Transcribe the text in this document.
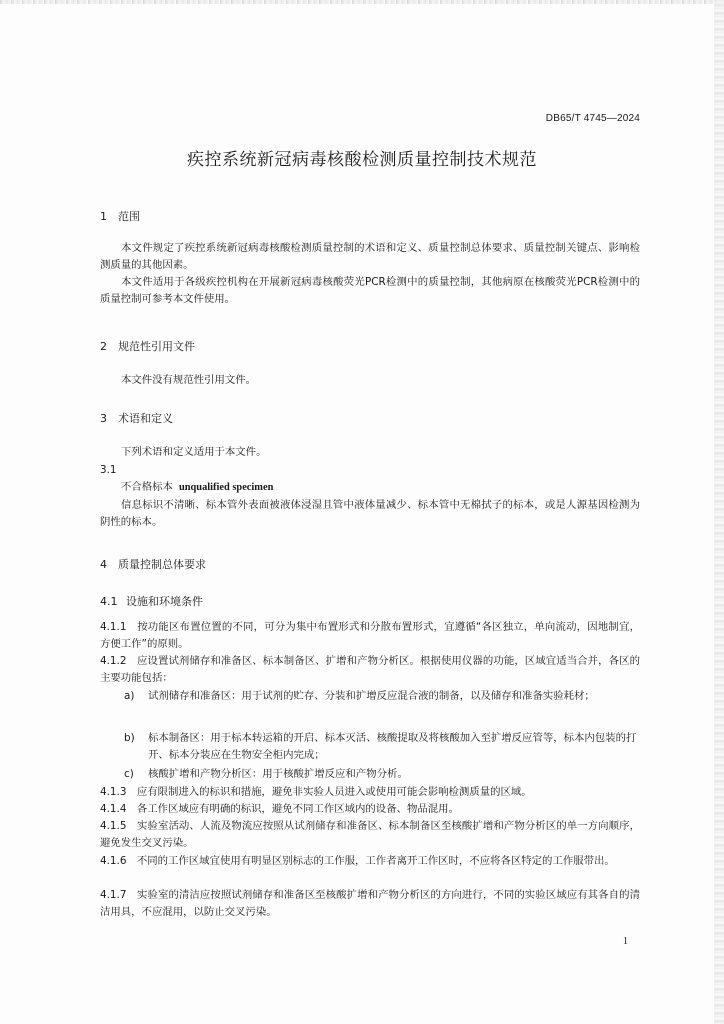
DB65/T 4745—2024
疾控系统新冠病毒核酸检测质量控制技术规范
1 范围
本文件规定了疾控系统新冠病毒核酸检测质量控制的术语和定义、质量控制总体要求、质量控制关键点、影响检测质量的其他因素。
本文件适用于各级疾控机构在开展新冠病毒核酸荧光PCR检测中的质量控制，其他病原在核酸荧光PCR检测中的质量控制可参考本文件使用。
2 规范性引用文件
本文件没有规范性引用文件。
3 术语和定义
下列术语和定义适用于本文件。
3.1
不合格标本 unqualified specimen
信息标识不清晰、标本管外表面被液体浸湿且管中液体量减少、标本管中无棉拭子的标本，或是人源基因检测为阴性的标本。
4 质量控制总体要求
4.1 设施和环境条件
4.1.1　按功能区布置位置的不同，可分为集中布置形式和分散布置形式，宜遵循“各区独立，单向流动，因地制宜，方便工作”的原则。
4.1.2　应设置试剂储存和准备区、标本制备区、扩增和产物分析区。根据使用仪器的功能，区域宜适当合并，各区的主要功能包括：
a) 试剂储存和准备区：用于试剂的贮存、分装和扩增反应混合液的制备，以及储存和准备实验耗材；
b) 标本制备区：用于标本转运箱的开启、标本灭活、核酸提取及将核酸加入至扩增反应管等，标本内包装的打开、标本分装应在生物安全柜内完成；
c) 核酸扩增和产物分析区：用于核酸扩增反应和产物分析。
4.1.3　应有限制进入的标识和措施，避免非实验人员进入或使用可能会影响检测质量的区域。
4.1.4　各工作区域应有明确的标识，避免不同工作区域内的设备、物品混用。
4.1.5　实验室活动、人流及物流应按照从试剂储存和准备区、标本制备区至核酸扩增和产物分析区的单一方向顺序，避免发生交叉污染。
4.1.6　不同的工作区域宜使用有明显区别标志的工作服，工作者离开工作区时，不应将各区特定的工作服带出。
4.1.7　实验室的清洁应按照试剂储存和准备区至核酸扩增和产物分析区的方向进行，不同的实验区域应有其各自的清洁用具，不应混用，以防止交叉污染。
1
